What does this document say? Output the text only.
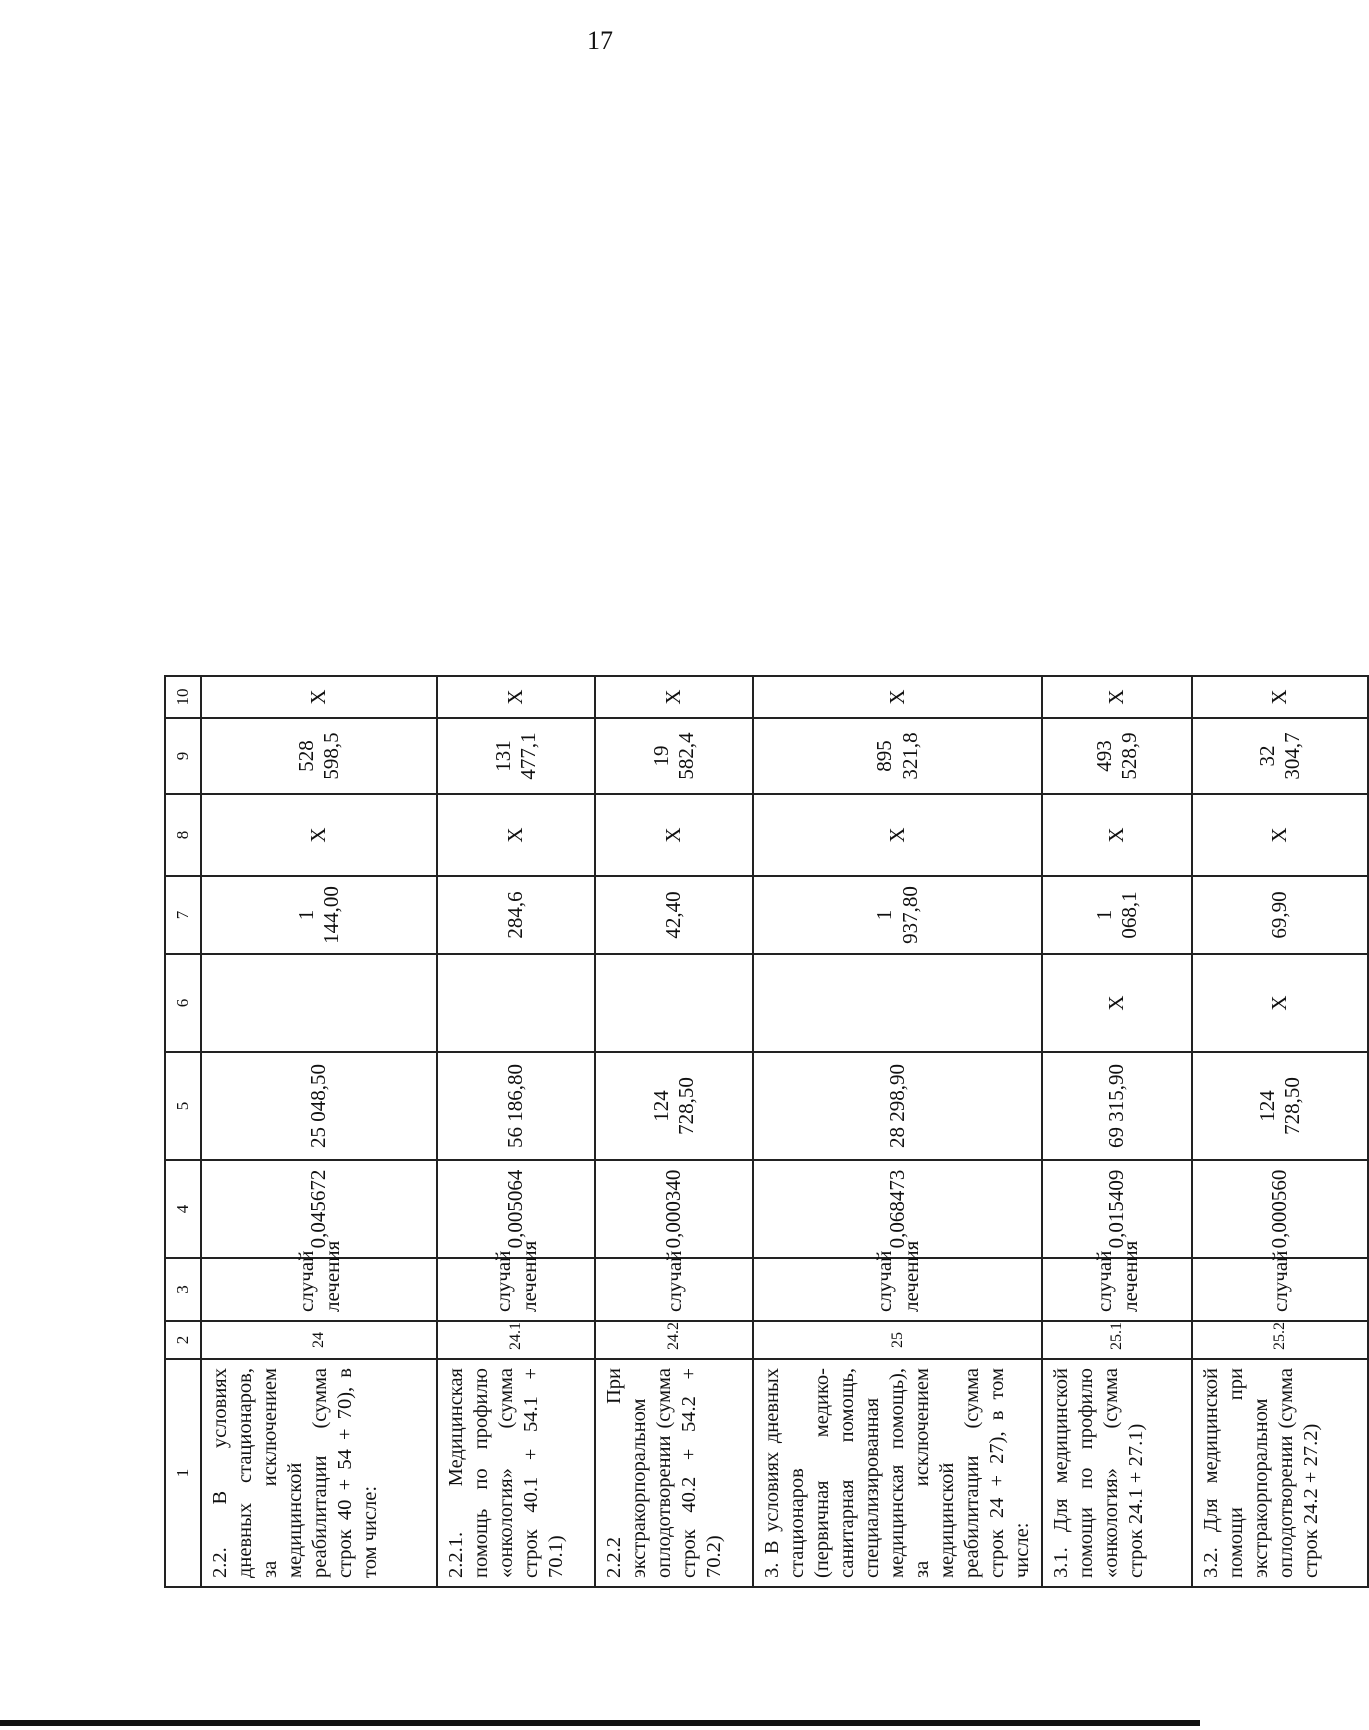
17
1	2	3	4	5	6	7	8	9	10
2.2. В условиях дневных стационаров, за исключением медицинской реабилитации (сумма строк 40 + 54 + 70), в том числе:	24	случай лечения	0,045672	25 048,50		1 144,00	X	528 598,5	X
2.2.1. Медицинская помощь по профилю «онкология» (сумма строк 40.1 + 54.1 + 70.1)	24.1	случай лечения	0,005064	56 186,80		284,6	X	131 477,1	X
2.2.2 При экстракорпоральном оплодотворении (сумма строк 40.2 + 54.2 + 70.2)	24.2	случай	0,000340	124 728,50		42,40	X	19 582,4	X
3. В условиях дневных стационаров (первичная медико-санитарная помощь, специализированная медицинская помощь), за исключением медицинской реабилитации (сумма строк 24 + 27), в том числе:	25	случай лечения	0,068473	28 298,90		1 937,80	X	895 321,8	X
3.1. Для медицинской помощи по профилю «онкология» (сумма строк 24.1 + 27.1)	25.1	случай лечения	0,015409	69 315,90	X	1 068,1	X	493 528,9	X
3.2. Для медицинской помощи при экстракорпоральном оплодотворении (сумма строк 24.2 + 27.2)	25.2	случай	0,000560	124 728,50	X	69,90	X	32 304,7	X
